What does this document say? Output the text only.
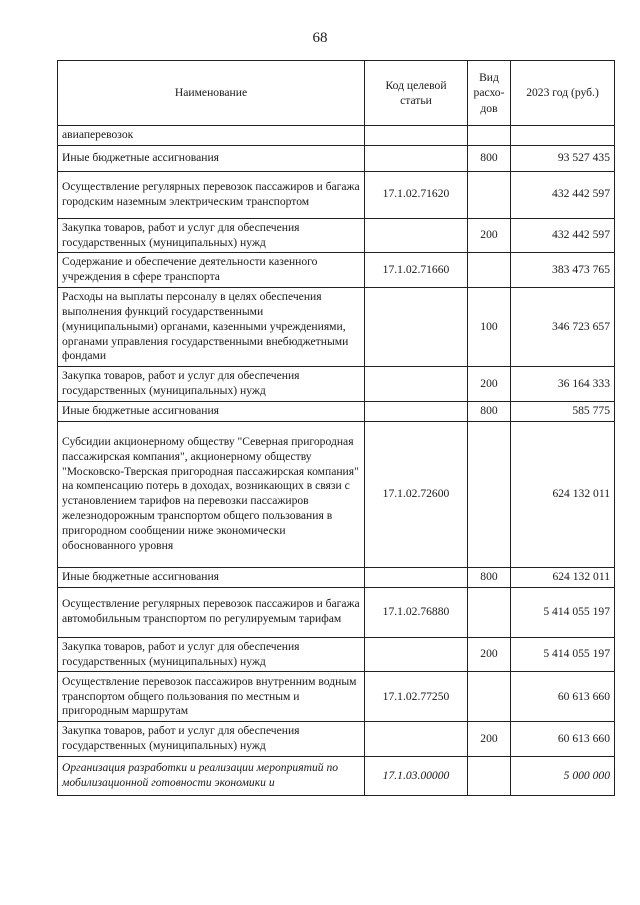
68
Наименование	Код целевой статьи	Вид расхо-дов	2023 год (руб.)
авиаперевозок			
Иные бюджетные ассигнования		800	93 527 435
Осуществление регулярных перевозок пассажиров и багажа городским наземным электрическим транспортом	17.1.02.71620		432 442 597
Закупка товаров, работ и услуг для обеспечения государственных (муниципальных) нужд		200	432 442 597
Содержание и обеспечение деятельности казенного учреждения в сфере транспорта	17.1.02.71660		383 473 765
Расходы на выплаты персоналу в целях обеспечения выполнения функций государственными (муниципальными) органами, казенными учреждениями, органами управления государственными внебюджетными фондами		100	346 723 657
Закупка товаров, работ и услуг для обеспечения государственных (муниципальных) нужд		200	36 164 333
Иные бюджетные ассигнования		800	585 775
Субсидии акционерному обществу "Северная пригородная пассажирская компания", акционерному обществу "Московско-Тверская пригородная пассажирская компания" на компенсацию потерь в доходах, возникающих в связи с установлением тарифов на перевозки пассажиров железнодорожным транспортом общего пользования в пригородном сообщении ниже экономически обоснованного уровня	17.1.02.72600		624 132 011
Иные бюджетные ассигнования		800	624 132 011
Осуществление регулярных перевозок пассажиров и багажа автомобильным транспортом по регулируемым тарифам	17.1.02.76880		5 414 055 197
Закупка товаров, работ и услуг для обеспечения государственных (муниципальных) нужд		200	5 414 055 197
Осуществление перевозок пассажиров внутренним водным транспортом общего пользования по местным и пригородным маршрутам	17.1.02.77250		60 613 660
Закупка товаров, работ и услуг для обеспечения государственных (муниципальных) нужд		200	60 613 660
Организация разработки и реализации мероприятий по мобилизационной готовности экономики и	17.1.03.00000		5 000 000
